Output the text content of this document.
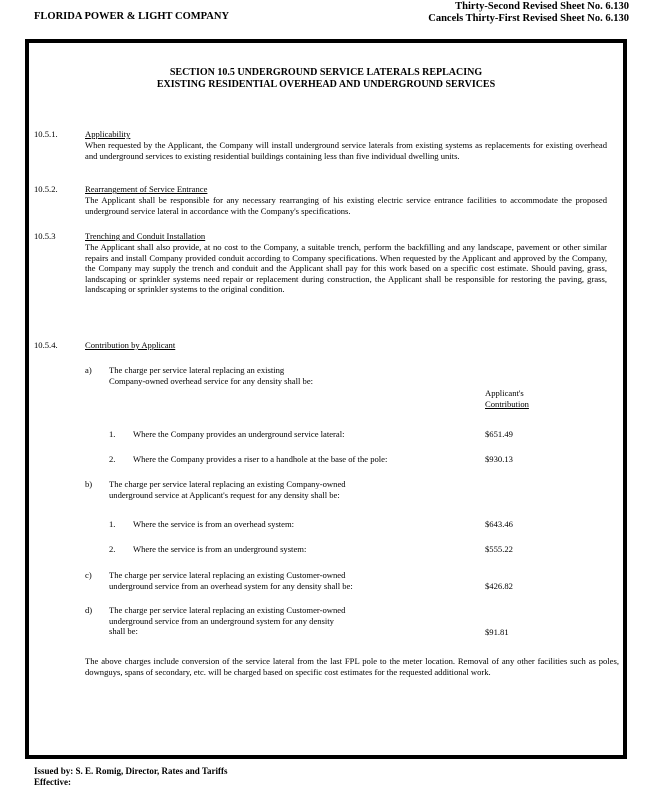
FLORIDA POWER & LIGHT COMPANY
Thirty-Second Revised Sheet No. 6.130
Cancels Thirty-First Revised Sheet No. 6.130
SECTION 10.5 UNDERGROUND SERVICE LATERALS REPLACING
EXISTING RESIDENTIAL OVERHEAD AND UNDERGROUND SERVICES
10.5.1.	Applicability
When requested by the Applicant, the Company will install underground service laterals from existing systems as replacements for existing overhead and underground services to existing residential buildings containing less than five individual dwelling units.
10.5.2.	Rearrangement of Service Entrance
The Applicant shall be responsible for any necessary rearranging of his existing electric service entrance facilities to accommodate the proposed underground service lateral in accordance with the Company's specifications.
10.5.3	Trenching and Conduit Installation
The Applicant shall also provide, at no cost to the Company, a suitable trench, perform the backfilling and any landscape, pavement or other similar repairs and install Company provided conduit according to Company specifications. When requested by the Applicant and approved by the Company, the Company may supply the trench and conduit and the Applicant shall pay for this work based on a specific cost estimate. Should paving, grass, landscaping or sprinkler systems need repair or replacement during construction, the Applicant shall be responsible for restoring the paving, grass, landscaping or sprinkler systems to the original condition.
10.5.4.	Contribution by Applicant
a) The charge per service lateral replacing an existing
Company-owned overhead service for any density shall be:
Applicant's
Contribution
1. Where the Company provides an underground service lateral:	$651.49
2. Where the Company provides a riser to a handhole at the base of the pole:	$930.13
b) The charge per service lateral replacing an existing Company-owned
underground service at Applicant's request for any density shall be:
1. Where the service is from an overhead system:	$643.46
2. Where the service is from an underground system:	$555.22
c) The charge per service lateral replacing an existing Customer-owned
underground service from an overhead system for any density shall be:	$426.82
d) The charge per service lateral replacing an existing Customer-owned
underground service from an underground system for any density
shall be:	$91.81
The above charges include conversion of the service lateral from the last FPL pole to the meter location. Removal of any other facilities such as poles, downguys, spans of secondary, etc. will be charged based on specific cost estimates for the requested additional work.
Issued by: S. E. Romig, Director, Rates and Tariffs
Effective:
